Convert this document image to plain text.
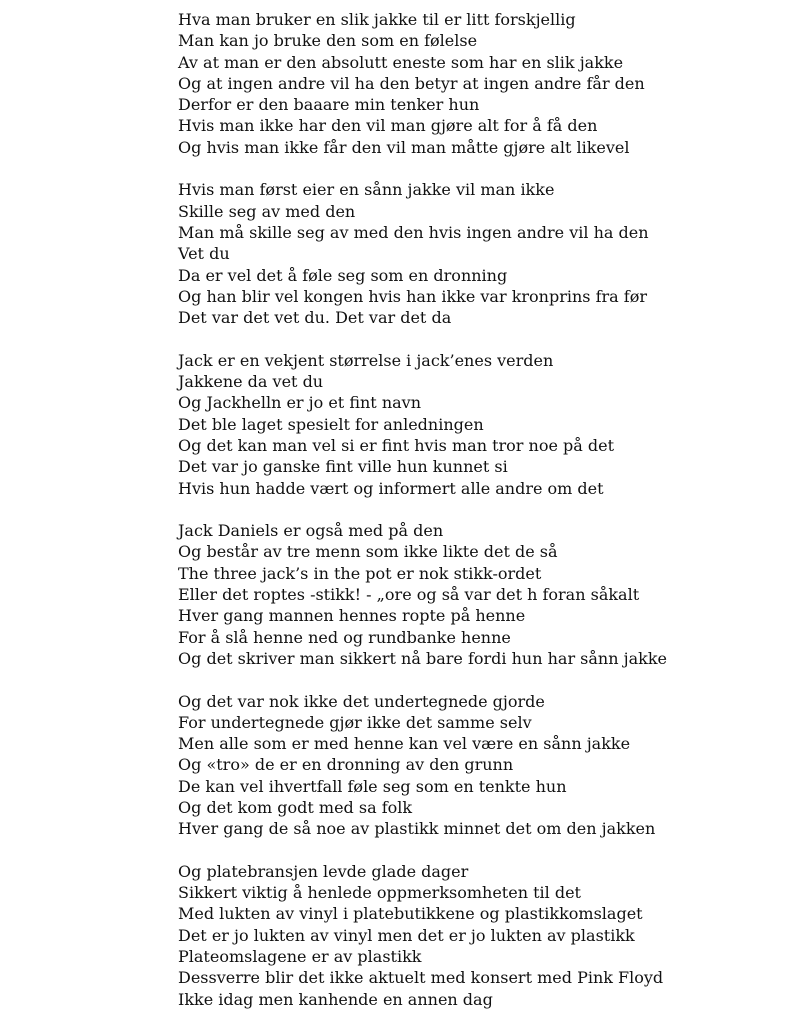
Hva man bruker en slik jakke til er litt forskjellig
Man kan jo bruke den som en følelse
Av at man er den absolutt eneste som har en slik jakke
Og at ingen andre vil ha den betyr at ingen andre får den
Derfor er den baaare min tenker hun
Hvis man ikke har den vil man gjøre alt for å få den
Og hvis man ikke får den vil man måtte gjøre alt likevel
Hvis man først eier en sånn jakke vil man ikke
Skille seg av med den
Man må skille seg av med den hvis ingen andre vil ha den
Vet du
Da er vel det å føle seg som en dronning
Og han blir vel kongen hvis han ikke var kronprins fra før
Det var det vet du. Det var det da
Jack er en vekjent størrelse i jack’enes verden
Jakkene da vet du
Og Jackhelln er jo et fint navn
Det ble laget spesielt for anledningen
Og det kan man vel si er fint hvis man tror noe på det
Det var jo ganske fint ville hun kunnet si
Hvis hun hadde vært og informert alle andre om det
Jack Daniels er også med på den
Og består av tre menn som ikke likte det de så
The three jack’s in the pot er nok stikk-ordet
Eller det roptes -stikk! - „ore og så var det h foran såkalt
Hver gang mannen hennes ropte på henne
For å slå henne ned og rundbanke henne
Og det skriver man sikkert nå bare fordi hun har sånn jakke
Og det var nok ikke det undertegnede gjorde
For undertegnede gjør ikke det samme selv
Men alle som er med henne kan vel være en sånn jakke
Og «tro» de er en dronning av den grunn
De kan vel ihvertfall føle seg som en tenkte hun
Og det kom godt med sa folk
Hver gang de så noe av plastikk minnet det om den jakken
Og platebransjen levde glade dager
Sikkert viktig å henlede oppmerksomheten til det
Med lukten av vinyl i platebutikkene og plastikkomslaget
Det er jo lukten av vinyl men det er jo lukten av plastikk
Plateomslagene er av plastikk
Dessverre blir det ikke aktuelt med konsert med Pink Floyd
Ikke idag men kanhende en annen dag
